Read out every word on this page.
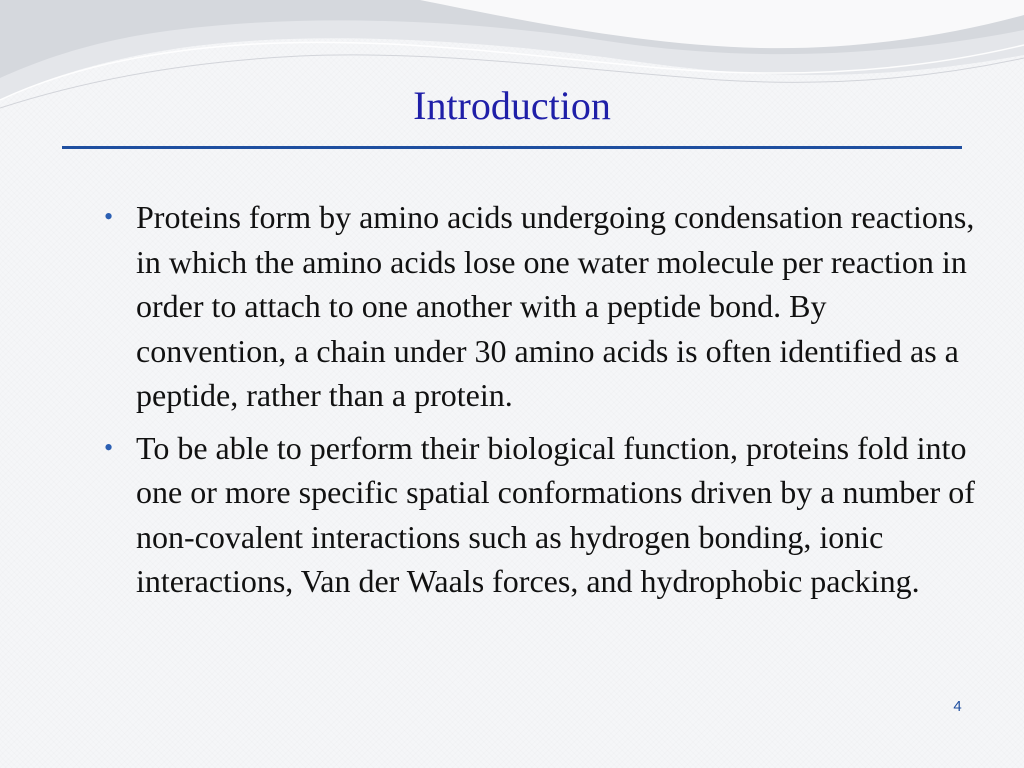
Introduction
• Proteins form by amino acids undergoing condensation reactions, in which the amino acids lose one water molecule per reaction in order to attach to one another with a peptide bond. By convention, a chain under 30 amino acids is often identified as a peptide, rather than a protein.
• To be able to perform their biological function, proteins fold into one or more specific spatial conformations driven by a number of non-covalent interactions such as hydrogen bonding, ionic interactions, Van der Waals forces, and hydrophobic packing.
4
